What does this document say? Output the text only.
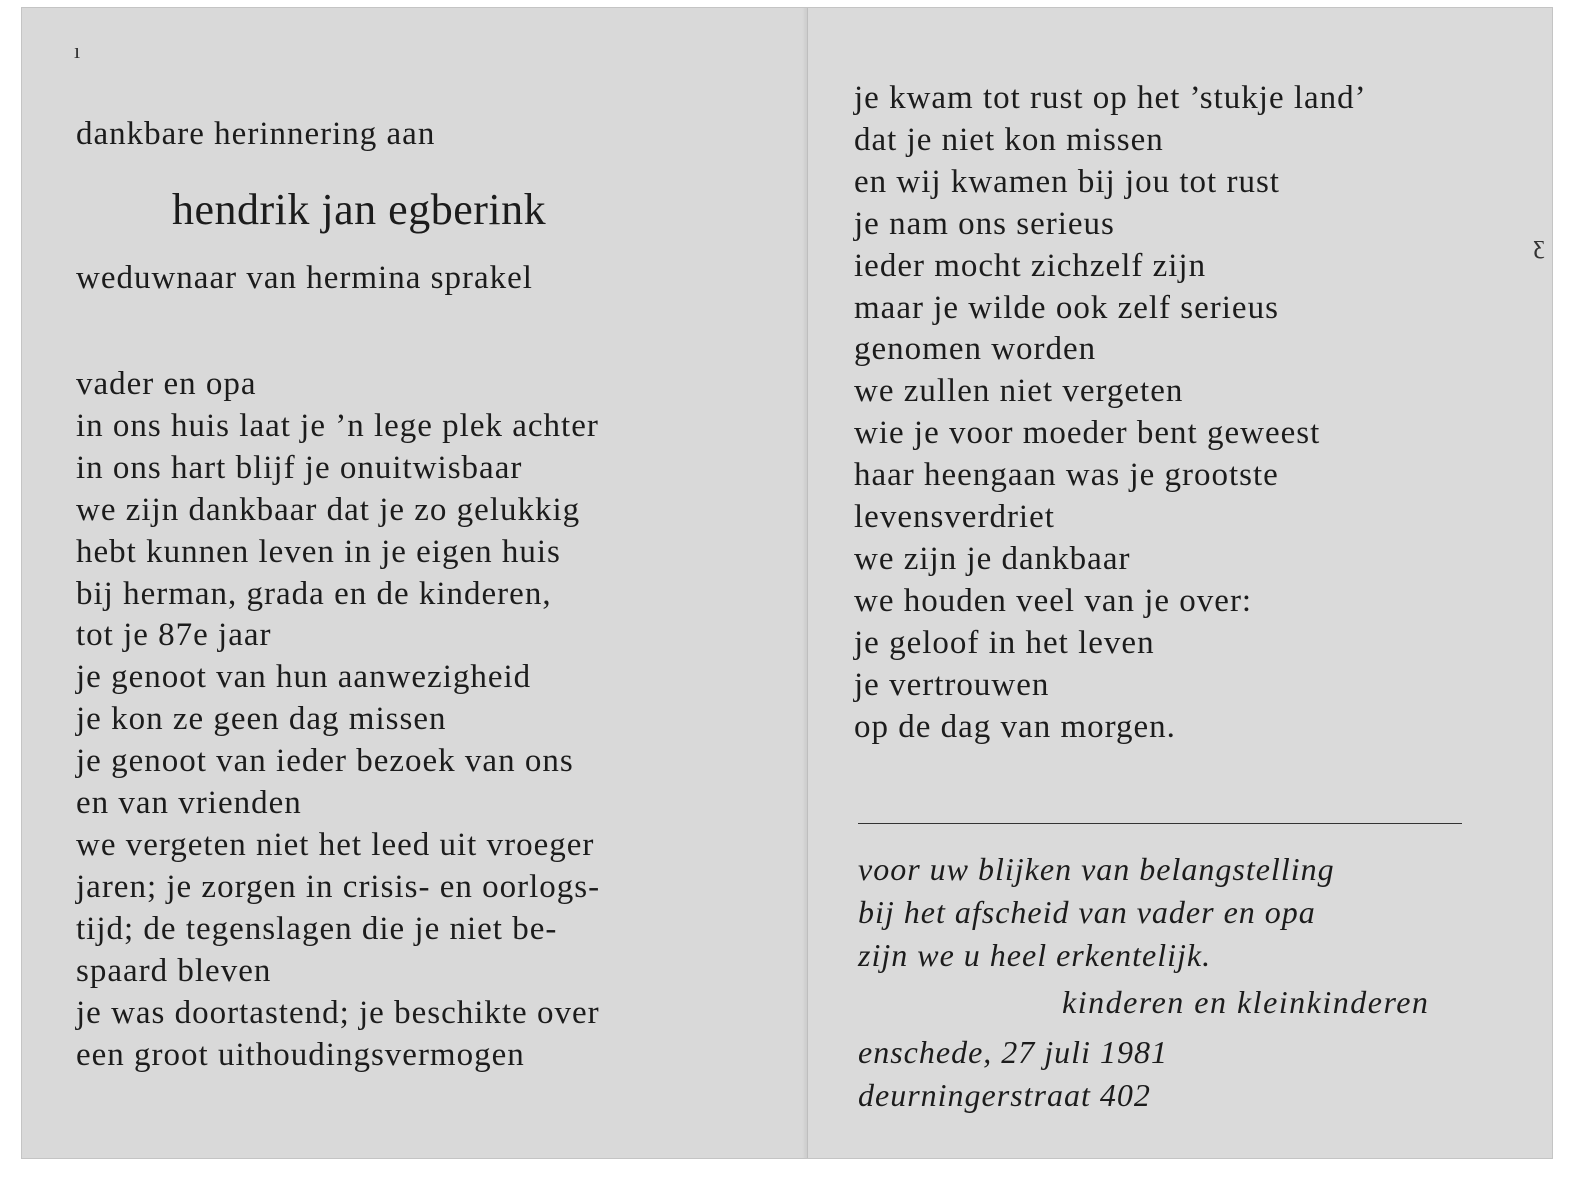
ı
dankbare herinnering aan
hendrik jan egberink
weduwnaar van hermina sprakel
vader en opa
in ons huis laat je ’n lege plek achter
in ons hart blijf je onuitwisbaar
we zijn dankbaar dat je zo gelukkig
hebt kunnen leven in je eigen huis
bij herman, grada en de kinderen,
tot je 87e jaar
je genoot van hun aanwezigheid
je kon ze geen dag missen
je genoot van ieder bezoek van ons
en van vrienden
we vergeten niet het leed uit vroeger
jaren; je zorgen in crisis- en oorlogs-
tijd; de tegenslagen die je niet be-
spaard bleven
je was doortastend; je beschikte over
een groot uithoudingsvermogen
ƹ
je kwam tot rust op het ’stukje land’
dat je niet kon missen
en wij kwamen bij jou tot rust
je nam ons serieus
ieder mocht zichzelf zijn
maar je wilde ook zelf serieus
genomen worden
we zullen niet vergeten
wie je voor moeder bent geweest
haar heengaan was je grootste
levensverdriet
we zijn je dankbaar
we houden veel van je over:
je geloof in het leven
je vertrouwen
op de dag van morgen.
voor uw blijken van belangstelling
bij het afscheid van vader en opa
zijn we u heel erkentelijk.
kinderen en kleinkinderen
enschede, 27 juli 1981
deurningerstraat 402
